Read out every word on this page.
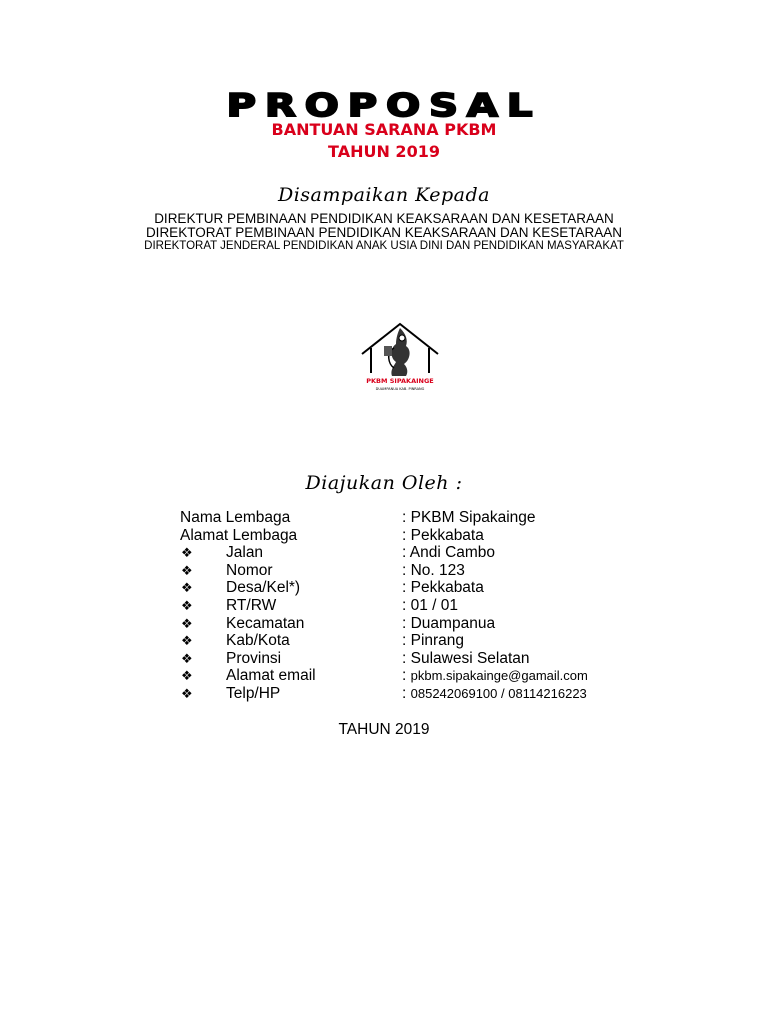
PROPOSAL
BANTUAN SARANA PKBM
TAHUN 2019
Disampaikan Kepada
DIREKTUR PEMBINAAN PENDIDIKAN KEAKSARAAN DAN KESETARAAN
DIREKTORAT PEMBINAAN PENDIDIKAN KEAKSARAAN DAN KESETARAAN
DIREKTORAT JENDERAL PENDIDIKAN ANAK USIA DINI DAN PENDIDIKAN MASYARAKAT
PKBM SIPAKAINGE
DUAMPANUA KAB. PINRANG
Diajukan Oleh :
Nama Lembaga	: PKBM Sipakainge
Alamat Lembaga	: Pekkabata
❖ Jalan	: Andi Cambo
❖ Nomor	: No. 123
❖ Desa/Kel*)	: Pekkabata
❖ RT/RW	: 01 / 01
❖ Kecamatan	: Duampanua
❖ Kab/Kota	: Pinrang
❖ Provinsi	: Sulawesi Selatan
❖ Alamat email	: pkbm.sipakainge@gamail.com
❖ Telp/HP	: 085242069100 / 08114216223
TAHUN 2019
